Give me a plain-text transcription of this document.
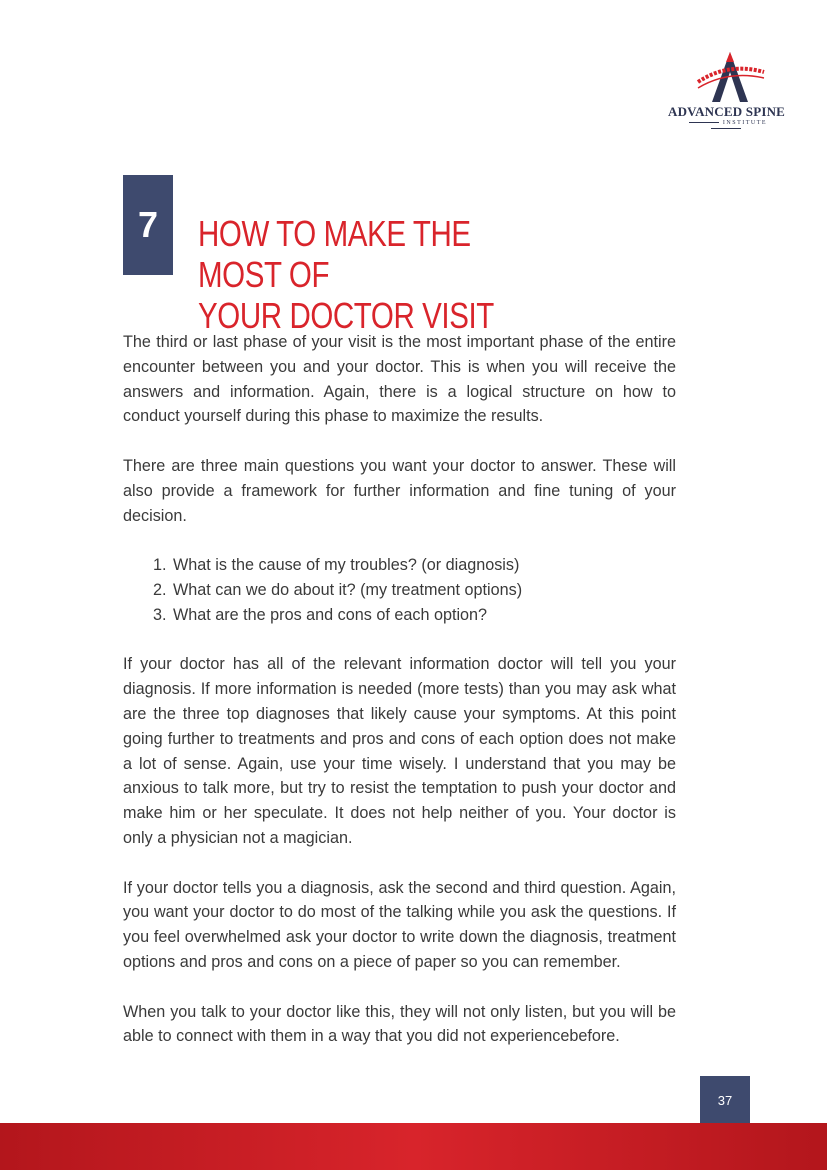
ADVANCED SPINE
INSTITUTE
7 HOW TO MAKE THE MOST OF
YOUR DOCTOR VISIT

The third or last phase of your visit is the most important phase of the entire encounter between you and your doctor. This is when you will receive the answers and information. Again, there is a logical structure on how to conduct yourself during this phase to maximize the results.

There are three main questions you want your doctor to answer. These will also provide a framework for further information and fine tuning of your decision.

1. What is the cause of my troubles? (or diagnosis)
2. What can we do about it? (my treatment options)
3. What are the pros and cons of each option?

If your doctor has all of the relevant information doctor will tell you your diagnosis. If more information is needed (more tests) than you may ask what are the three top diagnoses that likely cause your symptoms. At this point going further to treatments and pros and cons of each option does not make a lot of sense. Again, use your time wisely. I understand that you may be anxious to talk more, but try to resist the temptation to push your doctor and make him or her speculate. It does not help neither of you. Your doctor is only a physician not a magician.

If your doctor tells you a diagnosis, ask the second and third question. Again, you want your doctor to do most of the talking while you ask the questions. If you feel overwhelmed ask your doctor to write down the diagnosis, treatment options and pros and cons on a piece of paper so you can remember.

When you talk to your doctor like this, they will not only listen, but you will be able to connect with them in a way that you did not experiencebefore.

37
